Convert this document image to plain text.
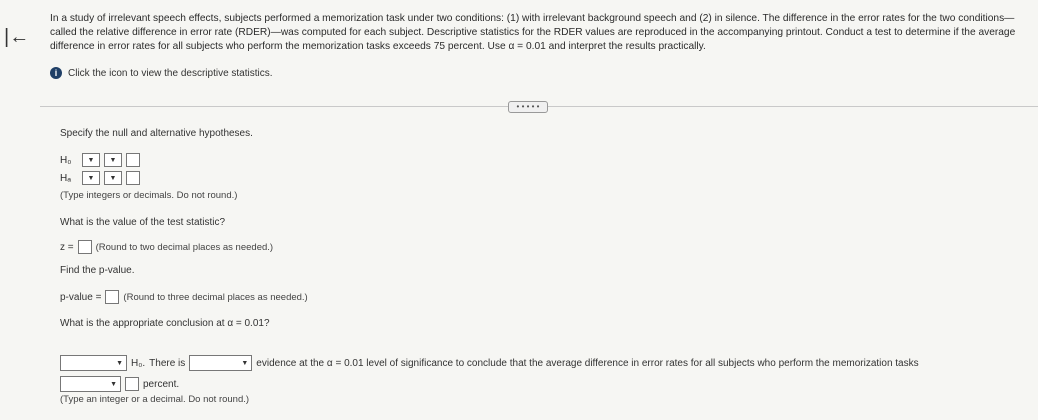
|←
In a study of irrelevant speech effects, subjects performed a memorization task under two conditions: (1) with irrelevant background speech and (2) in silence. The difference in the error rates for the two conditions—called the relative difference in error rate (RDER)—was computed for each subject. Descriptive statistics for the RDER values are reproduced in the accompanying printout. Conduct a test to determine if the average difference in error rates for all subjects who perform the memorization tasks exceeds 75 percent. Use α = 0.01 and interpret the results practically.
i	Click the icon to view the descriptive statistics.
• • • • •
Specify the null and alternative hypotheses.
H₀	▼ ▼
Hₐ	▼ ▼
(Type integers or decimals. Do not round.)
What is the value of the test statistic?
z = (Round to two decimal places as needed.)
Find the p-value.
p-value = (Round to three decimal places as needed.)
What is the appropriate conclusion at α = 0.01?
▼ H₀. There is	▼ evidence at the α = 0.01 level of significance to conclude that the average difference in error rates for all subjects who perform the memorization tasks
▼	percent.
(Type an integer or a decimal. Do not round.)
